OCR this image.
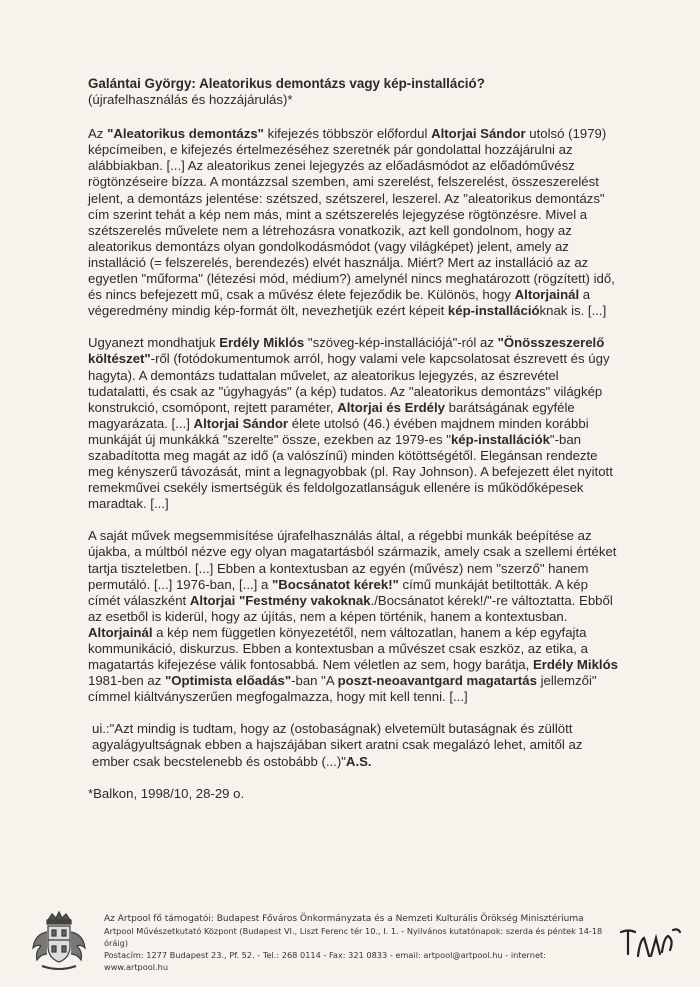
Galántai György: Aleatorikus demontázs vagy kép-installáció?
(újrafelhasználás és hozzájárulás)*

Az "Aleatorikus demontázs" kifejezés többször előfordul Altorjai Sándor utolsó (1979) képcímeiben, e kifejezés értelmezéséhez szeretnék pár gondolattal hozzájárulni az alábbiakban. [...] Az aleatorikus zenei lejegyzés az előadásmódot az előadóművész rögtönzéseire bízza. A montázzsal szemben, ami szerelést, felszerelést, összeszerelést jelent, a demontázs jelentése: szétszed, szétszerel, leszerel. Az "aleatorikus demontázs" cím szerint tehát a kép nem más, mint a szétszerelés lejegyzése rögtönzésre. Mivel a szétszerelés művelete nem a létrehozásra vonatkozik, azt kell gondolnom, hogy az aleatorikus demontázs olyan gondolkodásmódot (vagy világképet) jelent, amely az installáció (= felszerelés, berendezés) elvét használja. Miért? Mert az installáció az az egyetlen "műforma" (létezési mód, médium?) amelynél nincs meghatározott (rögzített) idő, és nincs befejezett mű, csak a művész élete fejeződik be. Különös, hogy Altorjainál a végeredmény mindig kép-formát ölt, nevezhetjük ezért képeit kép-installációknak is. [...]

Ugyanezt mondhatjuk Erdély Miklós "szöveg-kép-installációjá"-ról az "Önösszeszerelő költészet"-ről (fotódokumentumok arról, hogy valami vele kapcsolatosat észrevett és úgy hagyta). A demontázs tudattalan művelet, az aleatorikus lejegyzés, az észrevétel tudatalatti, és csak az "úgyhagyás" (a kép) tudatos. Az "aleatorikus demontázs" világkép konstrukció, csomópont, rejtett paraméter, Altorjai és Erdély barátságának egyféle magyarázata. [...] Altorjai Sándor élete utolsó (46.) évében majdnem minden korábbi munkáját új munkákká "szerelte" össze, ezekben az 1979-es "kép-installációk"-ban szabadította meg magát az idő (a valószínű) minden kötöttségétől. Elegánsan rendezte meg kényszerű távozását, mint a legnagyobbak (pl. Ray Johnson). A befejezett élet nyitott remekművei csekély ismertségük és feldolgozatlanságuk ellenére is működőképesek maradtak. [...]

A saját művek megsemmisítése újrafelhasználás által, a régebbi munkák beépítése az újakba, a múltból nézve egy olyan magatartásból származik, amely csak a szellemi értéket tartja tiszteletben. [...] Ebben a kontextusban az egyén (művész) nem "szerző" hanem permutáló. [...] 1976-ban, [...] a "Bocsánatot kérek!" című munkáját betiltották. A kép címét válaszként Altorjai "Festmény vakoknak./Bocsánatot kérek!/"-re változtatta. Ebből az esetből is kiderül, hogy az újítás, nem a képen történik, hanem a kontextusban. Altorjainál a kép nem független könyezetétől, nem változatlan, hanem a kép egyfajta kommunikáció, diskurzus. Ebben a kontextusban a művészet csak eszköz, az etika, a magatartás kifejezése válik fontosabbá. Nem véletlen az sem, hogy barátja, Erdély Miklós 1981-ben az "Optimista előadás"-ban "A poszt-neoavantgard magatartás jellemzői" címmel kiáltványszerűen megfogalmazza, hogy mit kell tenni. [...]

ui.:"Azt mindig is tudtam, hogy az (ostobaságnak) elvetemült butaságnak és züllött agyalágyultságnak ebben a hajszájában sikert aratni csak megalázó lehet, amitől az ember csak becstelenebb és ostobább (...)"A.S.

*Balkon, 1998/10, 28-29 o.
Az Artpool fő támogatói: Budapest Főváros Önkormányzata és a Nemzeti Kulturális Örökség Minisztériuma
Artpool Művészetkutató Központ (Budapest VI., Liszt Ferenc tér 10., I. 1. - Nyilvános kutatónapok: szerda és péntek 14-18 óráig)
Postacím: 1277 Budapest 23., Pf. 52. - Tel.: 268 0114 - Fax: 321 0833 - email: artpool@artpool.hu - internet: www.artpool.hu
